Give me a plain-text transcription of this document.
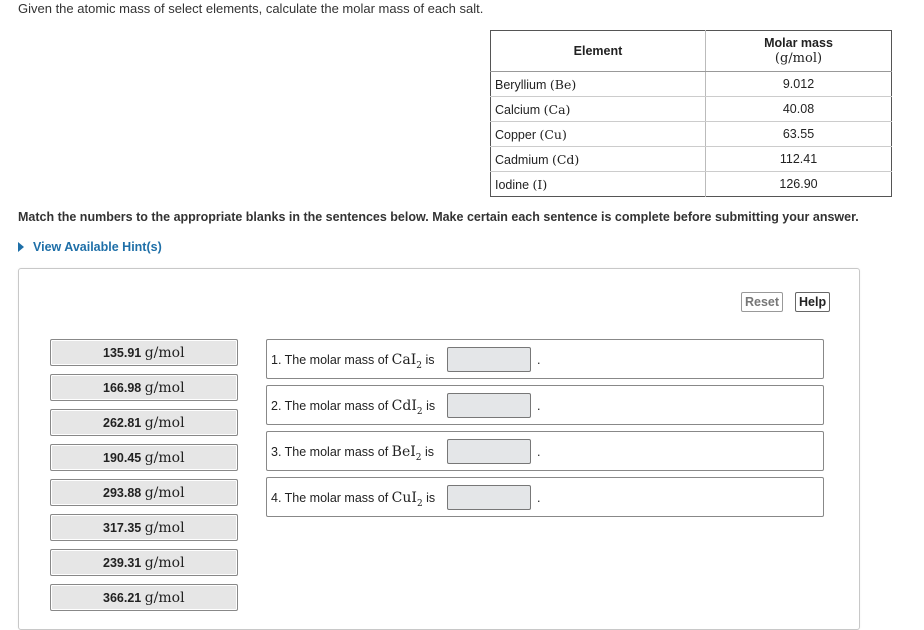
Given the atomic mass of select elements, calculate the molar mass of each salt.
Element	Molar mass
(g/mol)

Beryllium (Be)	9.012
Calcium (Ca)	40.08
Copper (Cu)	63.55
Cadmium (Cd)	112.41
Iodine (I)	126.90
Match the numbers to the appropriate blanks in the sentences below. Make certain each sentence is complete before submitting your answer.
View Available Hint(s)
Reset	Help
135.91 g/mol
166.98 g/mol
262.81 g/mol
190.45 g/mol
293.88 g/mol
317.35 g/mol
239.31 g/mol
366.21 g/mol
1. The molar mass of CaI$_2$ is	.
2. The molar mass of CdI$_2$ is	.
3. The molar mass of BeI$_2$ is	.
4. The molar mass of CuI$_2$ is	.
